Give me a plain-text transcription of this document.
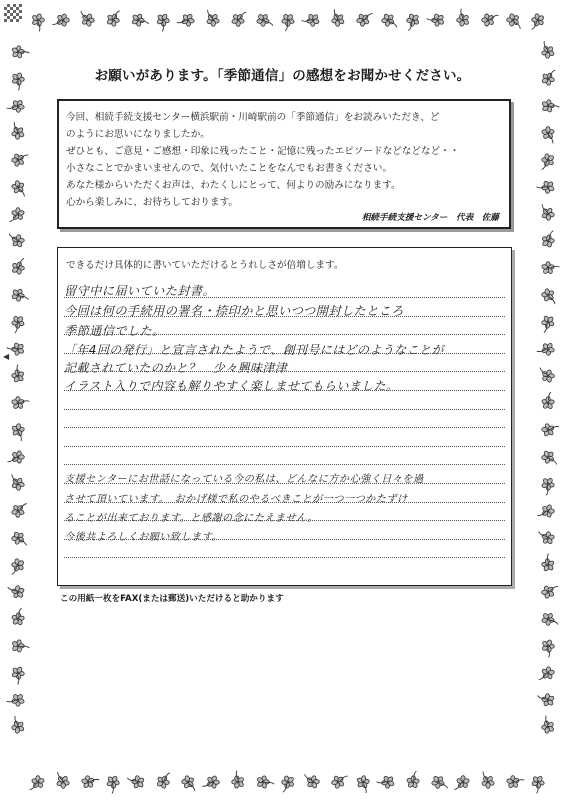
◀
お願いがあります。「季節通信」の感想をお聞かせください。
今回、相続手続支援センター横浜駅前・川崎駅前の「季節通信」をお読みいただき、ど
のようにお思いになりましたか。
ぜひとも、ご意見・ご感想・印象に残ったこと・記憶に残ったエピソードなどなどなど・・
小さなことでかまいませんので、気付いたことをなんでもお書きください。
あなた様からいただくお声は、わたくしにとって、何よりの励みになります。
心から楽しみに、お待ちしております。
相続手続支援センター　代表　佐藤
できるだけ具体的に書いていただけるとうれしさが倍増します。
留守中に届いていた封書。
今回は何の手続用の署名・捺印かと思いつつ開封したところ
季節通信でした。
「年4回の発行」と宣言されたようで、創刊号にはどのようなことが
記載されていたのかと？　少々興味津津
イラスト入りで内容も解りやすく楽しませてもらいました。
支援センターにお世話になっている今の私は、どんなに方か心強く日々を過
させて頂いています。　おかげ様で私のやるべきことが一つ一つかたずけ
ることが出来ております。と感謝の念にたえません。
今後共よろしくお願い致します。
この用紙一枚をFAX(または郵送)いただけると助かります
